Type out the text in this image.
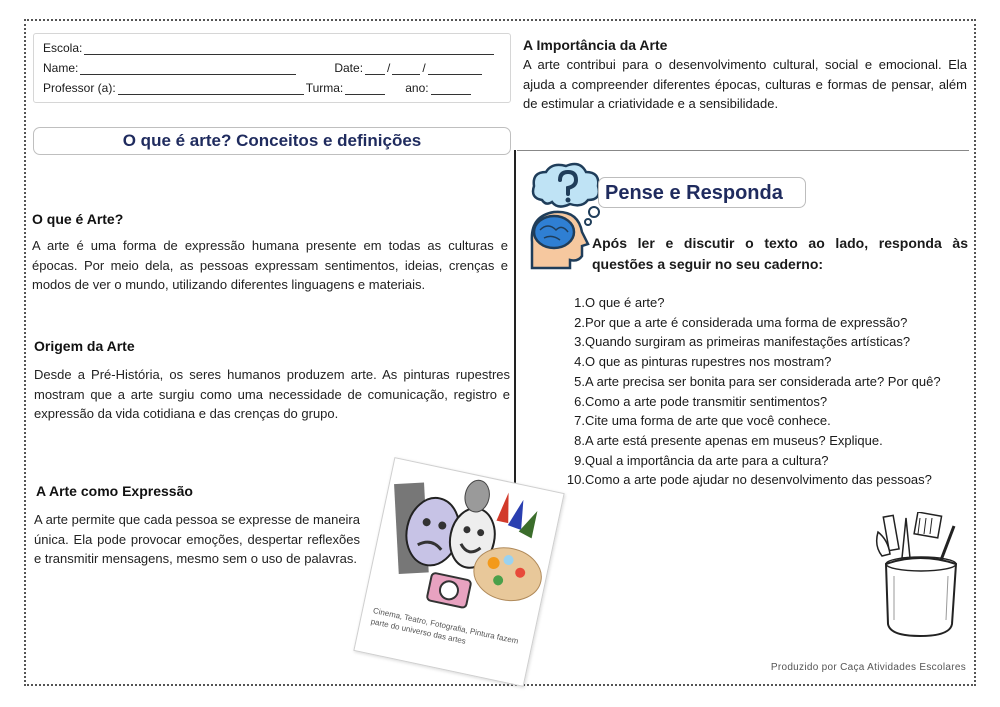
Escola:
Name:	Date: /	/
Professor (a):	Turma:	ano:
O que é arte? Conceitos e definições
O que é Arte?
A arte é uma forma de expressão humana presente em todas as culturas e épocas. Por meio dela, as pessoas expressam sentimentos, ideias, crenças e modos de ver o mundo, utilizando diferentes linguagens e materiais.
Origem da Arte
Desde a Pré-História, os seres humanos produzem arte. As pinturas rupestres mostram que a arte surgiu como uma necessidade de comunicação, registro e expressão da vida cotidiana e das crenças do grupo.
A Arte como Expressão
A arte permite que cada pessoa se expresse de maneira única. Ela pode provocar emoções, despertar reflexões e transmitir mensagens, mesmo sem o uso de palavras.
Cinema, Teatro, Fotografia, Pintura fazem parte do universo das artes
A Importância da Arte
A arte contribui para o desenvolvimento cultural, social e emocional. Ela ajuda a compreender diferentes épocas, culturas e formas de pensar, além de estimular a criatividade e a sensibilidade.
Pense e Responda
Após ler e discutir o texto ao lado, responda às questões a seguir no seu caderno:
1. O que é arte?
2. Por que a arte é considerada uma forma de expressão?
3. Quando surgiram as primeiras manifestações artísticas?
4. O que as pinturas rupestres nos mostram?
5. A arte precisa ser bonita para ser considerada arte? Por quê?
6. Como a arte pode transmitir sentimentos?
7. Cite uma forma de arte que você conhece.
8. A arte está presente apenas em museus? Explique.
9. Qual a importância da arte para a cultura?
10. Como a arte pode ajudar no desenvolvimento das pessoas?
Produzido por Caça Atividades Escolares
